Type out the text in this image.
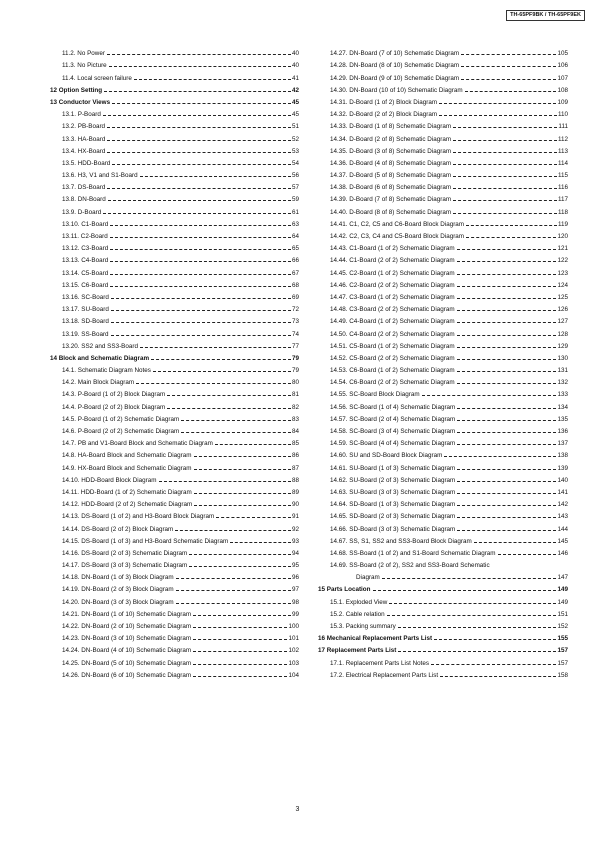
TH-65PF9BK / TH-65PF9EK
11.2. No Power	40
11.3. No Picture	40
11.4. Local screen failure	41
12 Option Setting	42
13 Conductor Views	45
13.1. P-Board	45
13.2. PB-Board	51
13.3. HA-Board	52
13.4. HX-Board	53
13.5. HDD-Board	54
13.6. H3, V1 and S1-Board	56
13.7. DS-Board	57
13.8. DN-Board	59
13.9. D-Board	61
13.10. C1-Board	63
13.11. C2-Board	64
13.12. C3-Board	65
13.13. C4-Board	66
13.14. C5-Board	67
13.15. C6-Board	68
13.16. SC-Board	69
13.17. SU-Board	72
13.18. SD-Board	73
13.19. SS-Board	74
13.20. SS2 and SS3-Board	77
14 Block and Schematic Diagram	79
14.1. Schematic Diagram Notes	79
14.2. Main Block Diagram	80
14.3. P-Board (1 of 2) Block Diagram	81
14.4. P-Board (2 of 2) Block Diagram	82
14.5. P-Board (1 of 2) Schematic Diagram	83
14.6. P-Board (2 of 2) Schematic Diagram	84
14.7. PB and V1-Board Block and Schematic Diagram	85
14.8. HA-Board Block and Schematic Diagram	86
14.9. HX-Board Block and Schematic Diagram	87
14.10. HDD-Board Block Diagram	88
14.11. HDD-Board (1 of 2) Schematic Diagram	89
14.12. HDD-Board (2 of 2) Schematic Diagram	90
14.13. DS-Board (1 of 2) and H3-Board Block Diagram	91
14.14. DS-Board (2 of 2) Block Diagram	92
14.15. DS-Board (1 of 3) and H3-Board Schematic Diagram	93
14.16. DS-Board (2 of 3) Schematic Diagram	94
14.17. DS-Board (3 of 3) Schematic Diagram	95
14.18. DN-Board (1 of 3) Block Diagram	96
14.19. DN-Board (2 of 3) Block Diagram	97
14.20. DN-Board (3 of 3) Block Diagram	98
14.21. DN-Board (1 of 10) Schematic Diagram	99
14.22. DN-Board (2 of 10) Schematic Diagram	100
14.23. DN-Board (3 of 10) Schematic Diagram	101
14.24. DN-Board (4 of 10) Schematic Diagram	102
14.25. DN-Board (5 of 10) Schematic Diagram	103
14.26. DN-Board (6 of 10) Schematic Diagram	104
14.27. DN-Board (7 of 10) Schematic Diagram	105
14.28. DN-Board (8 of 10) Schematic Diagram	106
14.29. DN-Board (9 of 10) Schematic Diagram	107
14.30. DN-Board (10 of 10) Schematic Diagram	108
14.31. D-Board (1 of 2) Block Diagram	109
14.32. D-Board (2 of 2) Block Diagram	110
14.33. D-Board (1 of 8) Schematic Diagram	111
14.34. D-Board (2 of 8) Schematic Diagram	112
14.35. D-Board (3 of 8) Schematic Diagram	113
14.36. D-Board (4 of 8) Schematic Diagram	114
14.37. D-Board (5 of 8) Schematic Diagram	115
14.38. D-Board (6 of 8) Schematic Diagram	116
14.39. D-Board (7 of 8) Schematic Diagram	117
14.40. D-Board (8 of 8) Schematic Diagram	118
14.41. C1, C2, C5 and C6-Board Block Diagram	119
14.42. C2, C3, C4 and C5-Board Block Diagram	120
14.43. C1-Board (1 of 2) Schematic Diagram	121
14.44. C1-Board (2 of 2) Schematic Diagram	122
14.45. C2-Board (1 of 2) Schematic Diagram	123
14.46. C2-Board (2 of 2) Schematic Diagram	124
14.47. C3-Board (1 of 2) Schematic Diagram	125
14.48. C3-Board (2 of 2) Schematic Diagram	126
14.49. C4-Board (1 of 2) Schematic Diagram	127
14.50. C4-Board (2 of 2) Schematic Diagram	128
14.51. C5-Board (1 of 2) Schematic Diagram	129
14.52. C5-Board (2 of 2) Schematic Diagram	130
14.53. C6-Board (1 of 2) Schematic Diagram	131
14.54. C6-Board (2 of 2) Schematic Diagram	132
14.55. SC-Board Block Diagram	133
14.56. SC-Board (1 of 4) Schematic Diagram	134
14.57. SC-Board (2 of 4) Schematic Diagram	135
14.58. SC-Board (3 of 4) Schematic Diagram	136
14.59. SC-Board (4 of 4) Schematic Diagram	137
14.60. SU and SD-Board Block Diagram	138
14.61. SU-Board (1 of 3) Schematic Diagram	139
14.62. SU-Board (2 of 3) Schematic Diagram	140
14.63. SU-Board (3 of 3) Schematic Diagram	141
14.64. SD-Board (1 of 3) Schematic Diagram	142
14.65. SD-Board (2 of 3) Schematic Diagram	143
14.66. SD-Board (3 of 3) Schematic Diagram	144
14.67. SS, S1, SS2 and SS3-Board Block Diagram	145
14.68. SS-Board (1 of 2) and S1-Board Schematic Diagram	146
14.69. SS-Board (2 of 2), SS2 and SS3-Board Schematic
Diagram	147
15 Parts Location	149
15.1. Exploded View	149
15.2. Cable relation	151
15.3. Packing summary	152
16 Mechanical Replacement Parts List	155
17 Replacement Parts List	157
17.1. Replacement Parts List Notes	157
17.2. Electrical Replacement Parts List	158
3
